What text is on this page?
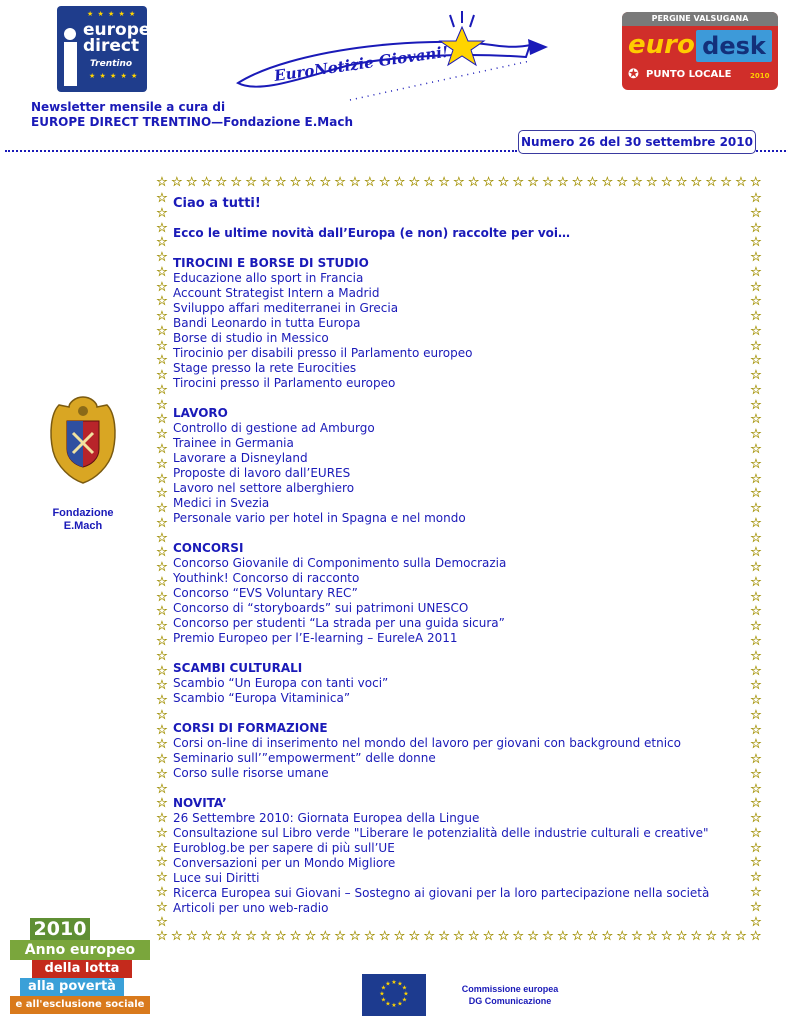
★ ★ ★ ★ ★
europe
direct
Trentino
★ ★ ★ ★ ★	EuroNotizie Giovani!
PERGINE VALSUGANA
euro desk
✪ PUNTO LOCALE	2010
Newsletter mensile a cura di
EUROPE DIRECT TRENTINO—Fondazione E.Mach
Numero 26 del 30 settembre 2010
☆ ☆ ☆ ☆ ☆ ☆ ☆ ☆ ☆ ☆ ☆ ☆ ☆ ☆ ☆ ☆ ☆ ☆ ☆ ☆ ☆ ☆ ☆ ☆ ☆ ☆ ☆ ☆ ☆ ☆ ☆ ☆ ☆ ☆ ☆ ☆ ☆ ☆ ☆ ☆ ☆
☆ ☆ ☆ ☆ ☆ ☆ ☆ ☆ ☆ ☆ ☆ ☆ ☆ ☆ ☆ ☆ ☆ ☆ ☆ ☆ ☆ ☆ ☆ ☆ ☆ ☆ ☆ ☆ ☆ ☆ ☆ ☆ ☆ ☆ ☆ ☆ ☆ ☆ ☆ ☆ ☆
☆
☆
☆
☆
☆
☆
☆
☆
☆
☆
☆
☆
☆
☆
☆
☆
☆
☆
☆
☆
☆
☆
☆
☆
☆
☆
☆
☆
☆
☆
☆
☆
☆
☆
☆
☆
☆
☆
☆
☆
☆
☆
☆
☆
☆
☆
☆
☆
☆
☆
☆
☆
☆
☆
☆
☆
☆
☆
☆
☆
☆
☆
☆
☆
☆
☆
☆
☆
☆
☆
☆
☆
☆
☆
☆
☆
☆
☆
☆
☆
☆
☆
☆
☆
☆
☆
☆
☆
☆
☆
☆
☆
☆
☆
☆
☆
☆
☆
☆
☆
Ciao a tutti!
Ecco le ultime novità dall’Europa (e non) raccolte per voi…
TIROCINI E BORSE DI STUDIO
Educazione allo sport in Francia
Account Strategist Intern a Madrid
Sviluppo affari mediterranei in Grecia
Bandi Leonardo in tutta Europa
Borse di studio in Messico
Tirocinio per disabili presso il Parlamento europeo
Stage presso la rete Eurocities
Tirocini presso il Parlamento europeo
LAVORO
Controllo di gestione ad Amburgo
Trainee in Germania
Lavorare a Disneyland
Proposte di lavoro dall’EURES
Lavoro nel settore alberghiero
Medici in Svezia
Personale vario per hotel in Spagna e nel mondo
CONCORSI
Concorso Giovanile di Componimento sulla Democrazia
Youthink! Concorso di racconto
Concorso “EVS Voluntary REC”
Concorso di “storyboards” sui patrimoni UNESCO
Concorso per studenti “La strada per una guida sicura”
Premio Europeo per l’E-learning – EureleA 2011
SCAMBI CULTURALI
Scambio “Un Europa con tanti voci”
Scambio “Europa Vitaminica”
CORSI DI FORMAZIONE
Corsi on-line di inserimento nel mondo del lavoro per giovani con background etnico
Seminario sull’”empowerment” delle donne
Corso sulle risorse umane
NOVITA’
26 Settembre 2010: Giornata Europea della Lingue
Consultazione sul Libro verde "Liberare le potenzialità delle industrie culturali e creative"
Euroblog.be per sapere di più sull’UE
Conversazioni per un Mondo Migliore
Luce sui Diritti
Ricerca Europea sui Giovani – Sostegno ai giovani per la loro partecipazione nella società
Articoli per uno web-radio
Fondazione
E.Mach
2010
Anno europeo
della lotta
alla povertà
e all'esclusione sociale
★ ★
★
★
★
★
★
★
★
★
★
★	Commissione europea
DG Comunicazione
